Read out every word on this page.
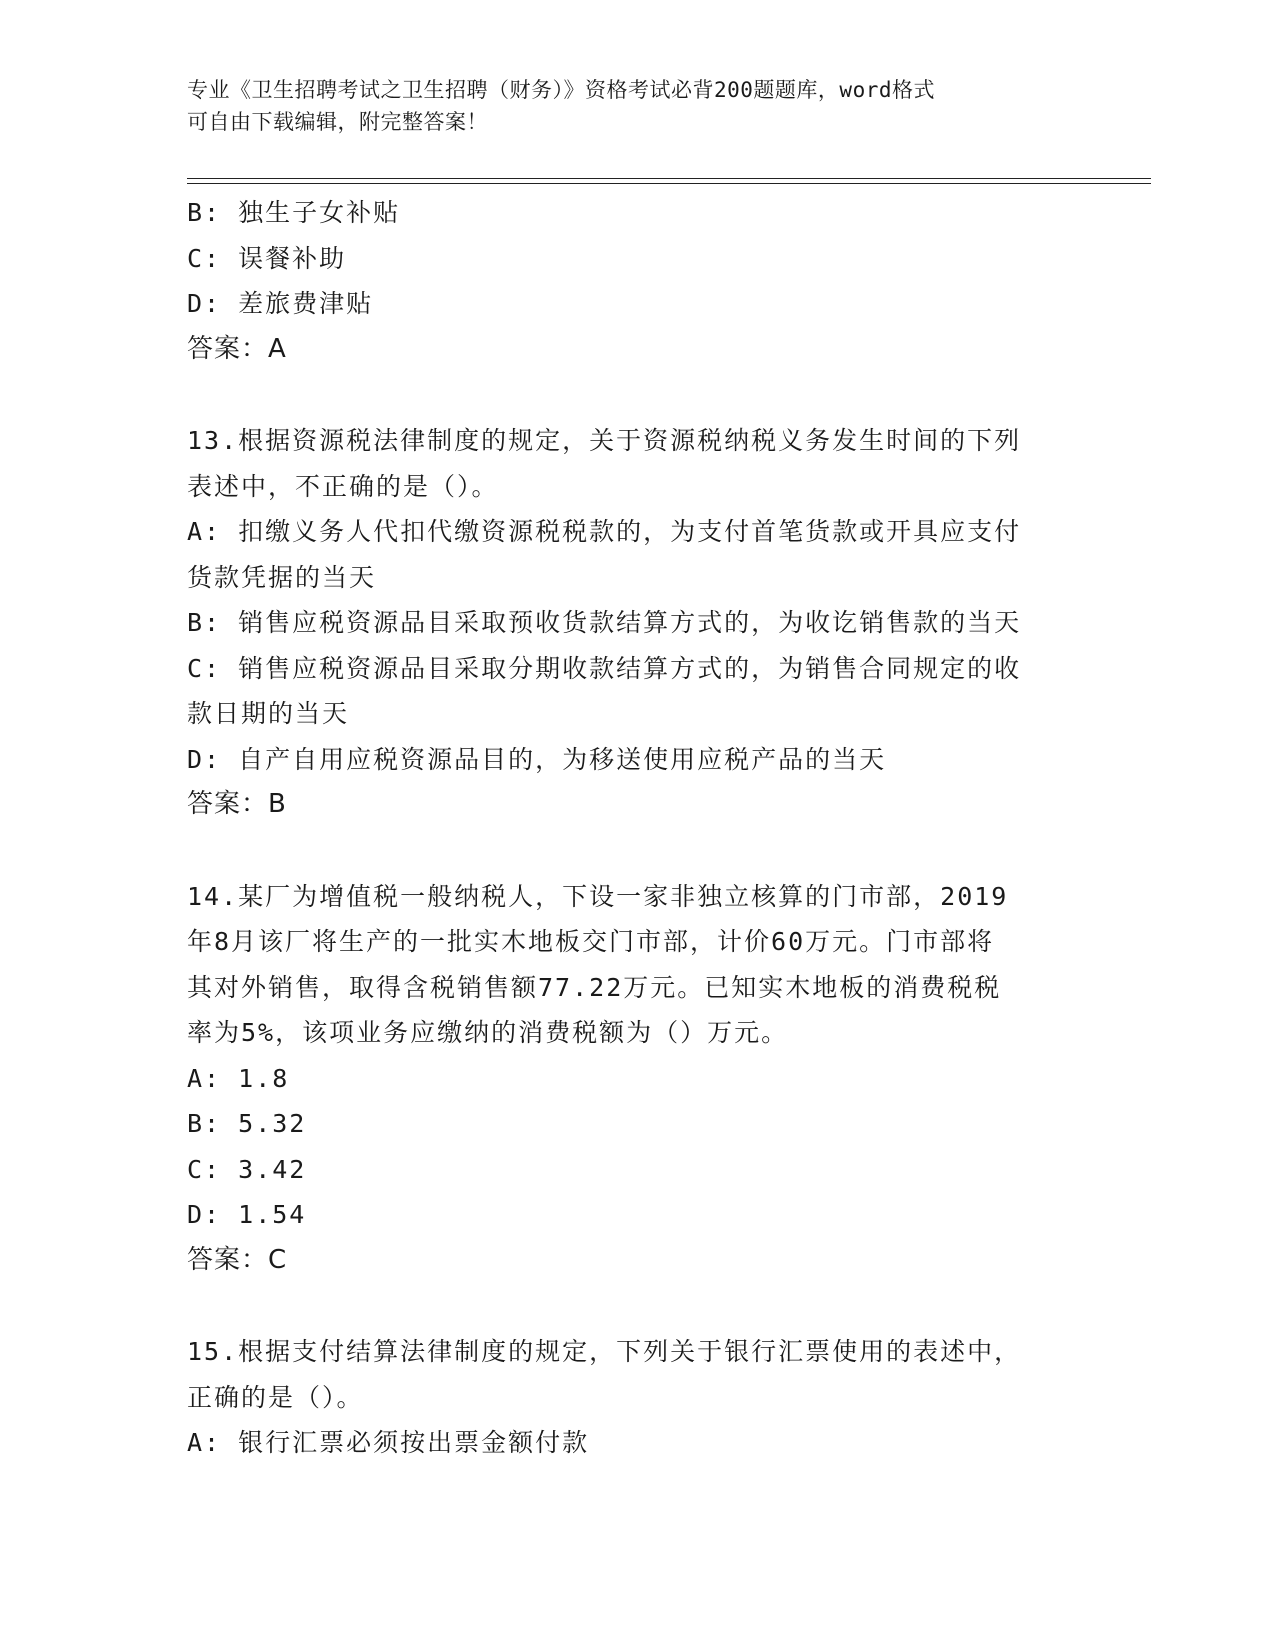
专业《卫生招聘考试之卫生招聘（财务）》资格考试必背200题题库，word格式
可自由下载编辑，附完整答案！
B: 独生子女补贴
C: 误餐补助
D: 差旅费津贴
答案：A
13.根据资源税法律制度的规定，关于资源税纳税义务发生时间的下列
表述中，不正确的是（）。
A: 扣缴义务人代扣代缴资源税税款的，为支付首笔货款或开具应支付
货款凭据的当天
B: 销售应税资源品目采取预收货款结算方式的，为收讫销售款的当天
C: 销售应税资源品目采取分期收款结算方式的，为销售合同规定的收
款日期的当天
D: 自产自用应税资源品目的，为移送使用应税产品的当天
答案：B
14.某厂为增值税一般纳税人，下设一家非独立核算的门市部，2019
年8月该厂将生产的一批实木地板交门市部，计价60万元。门市部将
其对外销售，取得含税销售额77.22万元。已知实木地板的消费税税
率为5%，该项业务应缴纳的消费税额为（）万元。
A: 1.8
B: 5.32
C: 3.42
D: 1.54
答案：C
15.根据支付结算法律制度的规定，下列关于银行汇票使用的表述中，
正确的是（）。
A: 银行汇票必须按出票金额付款
